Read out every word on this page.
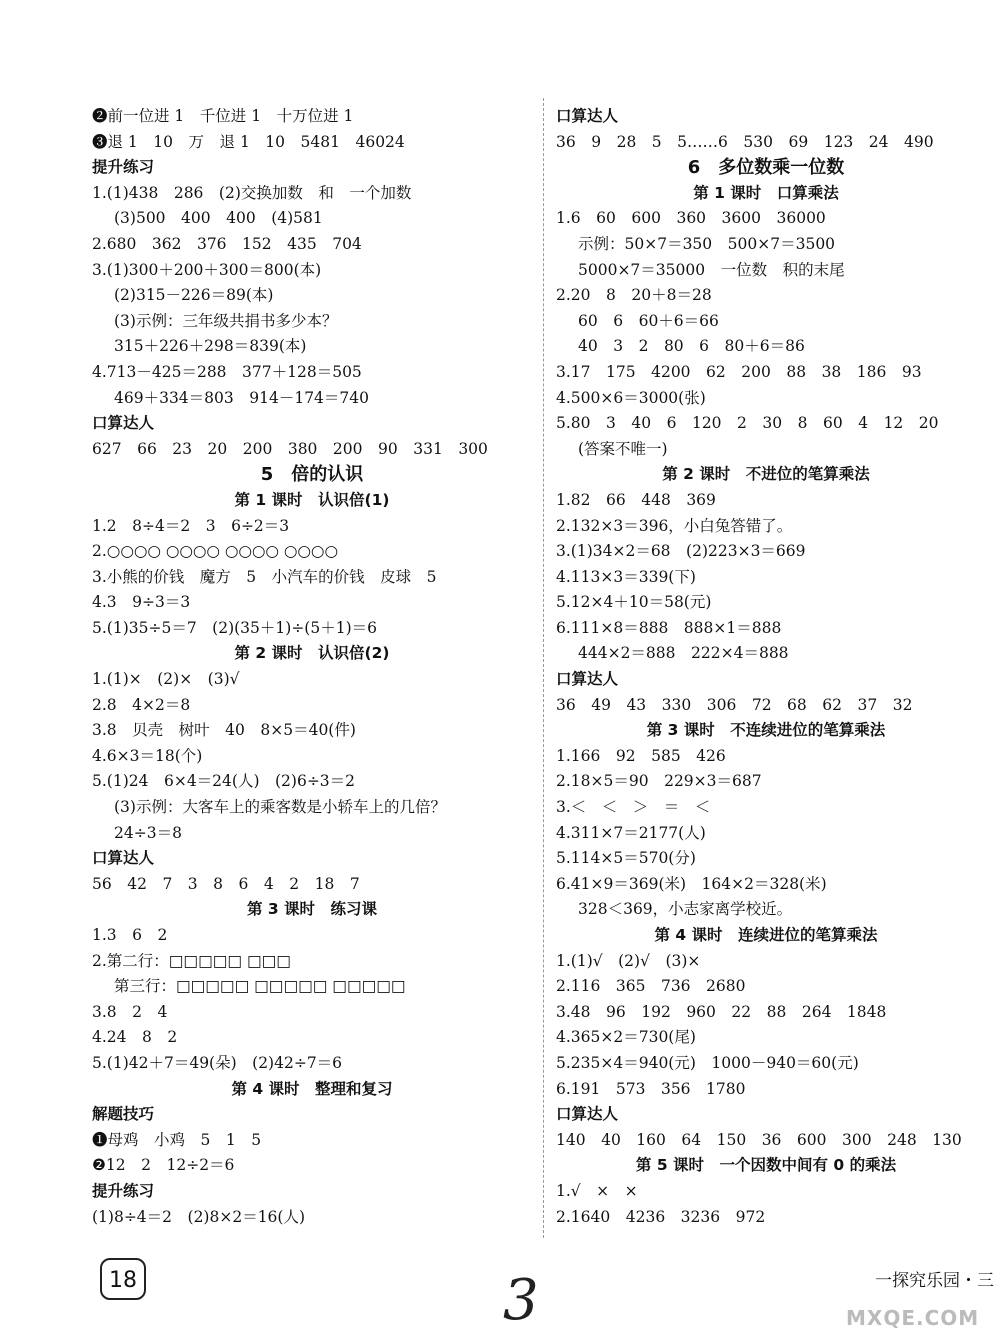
❷前一位进 1　千位进 1　十万位进 1
❸退 1　10　万　退 1　10　5481　46024
提升练习
1.(1)438　286　(2)交换加数　和　一个加数
(3)500　400　400　(4)581
2.680　362　376　152　435　704
3.(1)300＋200＋300＝800(本)
(2)315－226＝89(本)
(3)示例：三年级共捐书多少本？
315＋226＋298＝839(本)
4.713－425＝288　377＋128＝505
469＋334＝803　914－174＝740
口算达人
627　66　23　20　200　380　200　90　331　300
5　倍的认识
第 1 课时　认识倍(1)
1.2　8÷4＝2　3　6÷2＝3
2.○○○○ ○○○○ ○○○○ ○○○○
3.小熊的价钱　魔方　5　小汽车的价钱　皮球　5
4.3　9÷3＝3
5.(1)35÷5＝7　(2)(35＋1)÷(5＋1)＝6
第 2 课时　认识倍(2)
1.(1)×　(2)×　(3)√
2.8　4×2＝8
3.8　贝壳　树叶　40　8×5＝40(件)
4.6×3＝18(个)
5.(1)24　6×4＝24(人)　(2)6÷3＝2
(3)示例：大客车上的乘客数是小轿车上的几倍？
24÷3＝8
口算达人
56　42　7　3　8　6　4　2　18　7
第 3 课时　练习课
1.3　6　2
2.第二行：□□□□□ □□□
第三行：□□□□□ □□□□□ □□□□□
3.8　2　4
4.24　8　2
5.(1)42＋7＝49(朵)　(2)42÷7＝6
第 4 课时　整理和复习
解题技巧
❶母鸡　小鸡　5　1　5
❷12　2　12÷2＝6
提升练习
(1)8÷4＝2　(2)8×2＝16(人)
口算达人
36　9　28　5　5……6　530　69　123　24　490
6　多位数乘一位数
第 1 课时　口算乘法
1.6　60　600　360　3600　36000
示例：50×7＝350　500×7＝3500
5000×7＝35000　一位数　积的末尾
2.20　8　20＋8＝28
60　6　60＋6＝66
40　3　2　80　6　80＋6＝86
3.17　175　4200　62　200　88　38　186　93
4.500×6＝3000(张)
5.80　3　40　6　120　2　30　8　60　4　12　20
(答案不唯一)
第 2 课时　不进位的笔算乘法
1.82　66　448　369
2.132×3＝396，小白兔答错了。
3.(1)34×2＝68　(2)223×3＝669
4.113×3＝339(下)
5.12×4＋10＝58(元)
6.111×8＝888　888×1＝888
444×2＝888　222×4＝888
口算达人
36　49　43　330　306　72　68　62　37　32
第 3 课时　不连续进位的笔算乘法
1.166　92　585　426
2.18×5＝90　229×3＝687
3.＜　＜　＞　＝　＜
4.311×7＝2177(人)
5.114×5＝570(分)
6.41×9＝369(米)　164×2＝328(米)
328＜369，小志家离学校近。
第 4 课时　连续进位的笔算乘法
1.(1)√　(2)√　(3)×
2.116　365　736　2680
3.48　96　192　960　22　88　264　1848
4.365×2＝730(尾)
5.235×4＝940(元)　1000－940＝60(元)
6.191　573　356　1780
口算达人
140　40　160　64　150　36　600　300　248　130
第 5 课时　一个因数中间有 0 的乘法
1.√　×　×
2.1640　4236　3236　972
18	3	一探究乐园・三
MXQE.COM
